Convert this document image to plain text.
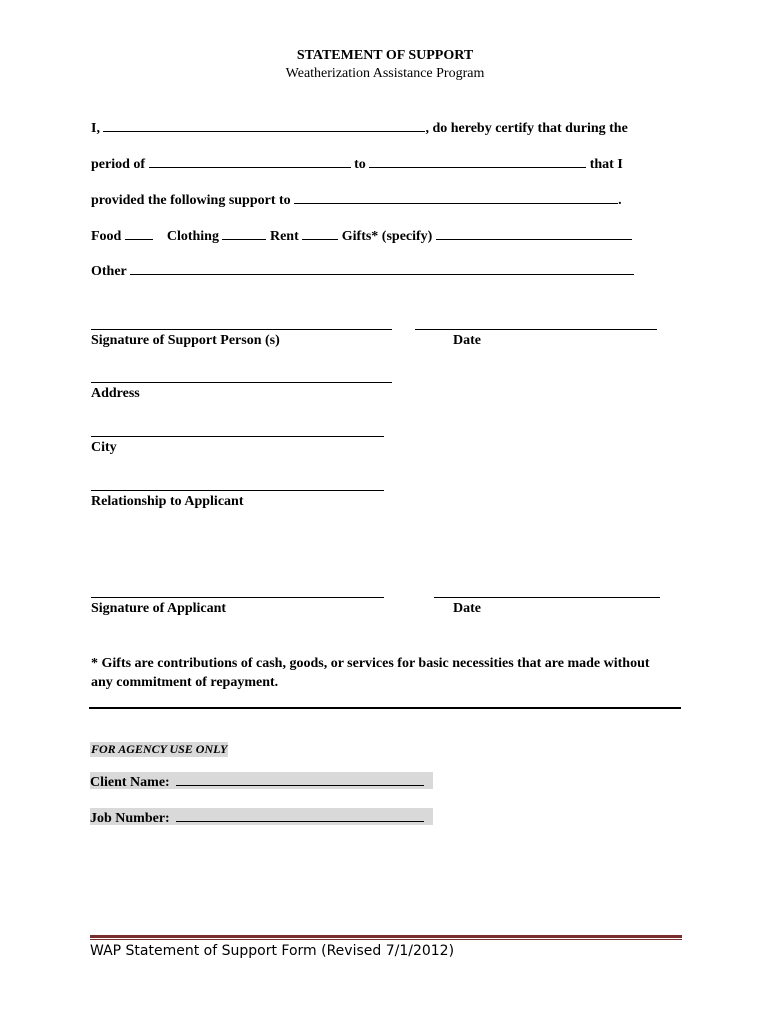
STATEMENT OF SUPPORT
Weatherization Assistance Program
I,	, do hereby certify that during the
period of	to	that I
provided the following support to	.
Food	Clothing	Rent	Gifts* (specify)
Other
Signature of Support Person (s)	Date
Address
City
Relationship to Applicant
Signature of Applicant	Date
* Gifts are contributions of cash, goods, or services for basic necessities that are made without any commitment of repayment.
FOR AGENCY USE ONLY
Client Name:
Job Number:
WAP Statement of Support Form (Revised 7/1/2012)
